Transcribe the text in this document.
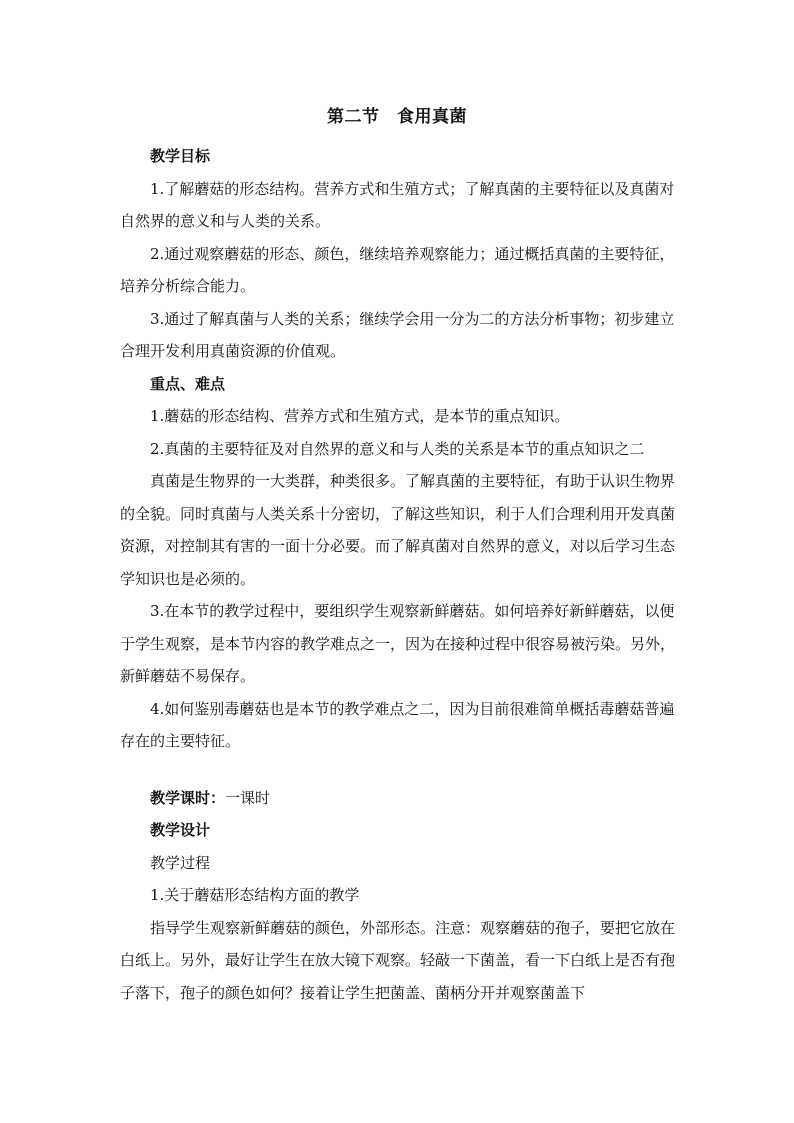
第二节　食用真菌

教学目标

1.了解蘑菇的形态结构。营养方式和生殖方式；了解真菌的主要特征以及真菌对自然界的意义和与人类的关系。

2.通过观察蘑菇的形态、颜色，继续培养观察能力；通过概括真菌的主要特征，培养分析综合能力。

3.通过了解真菌与人类的关系；继续学会用一分为二的方法分析事物；初步建立合理开发利用真菌资源的价值观。

重点、难点

1.蘑菇的形态结构、营养方式和生殖方式，是本节的重点知识。

2.真菌的主要特征及对自然界的意义和与人类的关系是本节的重点知识之二

真菌是生物界的一大类群，种类很多。了解真菌的主要特征，有助于认识生物界的全貌。同时真菌与人类关系十分密切，了解这些知识，利于人们合理利用开发真菌资源，对控制其有害的一面十分必要。而了解真菌对自然界的意义，对以后学习生态学知识也是必须的。

3.在本节的教学过程中，要组织学生观察新鲜蘑菇。如何培养好新鲜蘑菇，以便于学生观察，是本节内容的教学难点之一，因为在接种过程中很容易被污染。另外，新鲜蘑菇不易保存。

4.如何鉴别毒蘑菇也是本节的教学难点之二，因为目前很难简单概括毒蘑菇普遍存在的主要特征。

教学课时：一课时

教学设计

教学过程

1.关于蘑菇形态结构方面的教学

指导学生观察新鲜蘑菇的颜色，外部形态。注意：观察蘑菇的孢子，要把它放在白纸上。另外，最好让学生在放大镜下观察。轻敲一下菌盖，看一下白纸上是否有孢子落下，孢子的颜色如何？接着让学生把菌盖、菌柄分开并观察菌盖下
